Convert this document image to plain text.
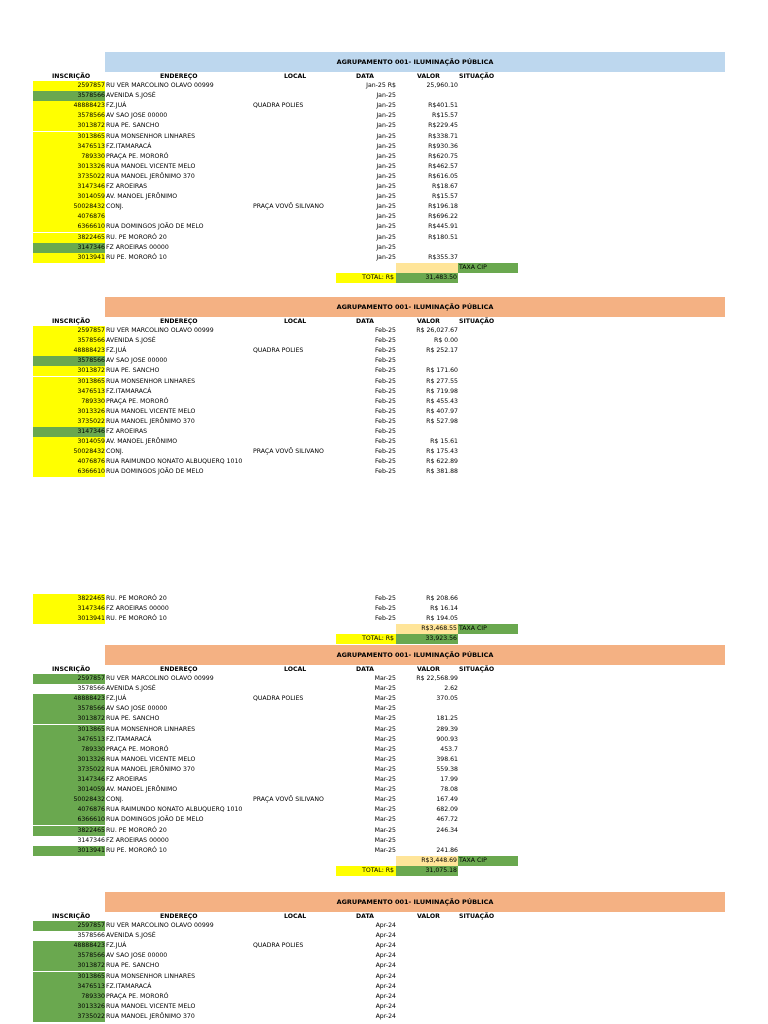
AGRUPAMENTO 001- ILUMINAÇÃO PÚBLICA
INSCRIÇÃO	ENDEREÇO	LOCAL	DATA	VALOR	SITUAÇÃO
2597857 RU VER MARCOLINO OLAVO 00999	Jan-25 R$	25,960.10
3578566 AVENIDA S.JOSÉ	Jan-25
48888423 FZ.JUÁ	QUADRA POLIES	Jan-25	R$401.51
3578566 AV SAO JOSE 00000	Jan-25	R$15.57
3013872 RUA PE. SANCHO	Jan-25	R$229.45
3013865 RUA MONSENHOR LINHARES	Jan-25	R$338.71
3476513 FZ.ITAMARACÁ	Jan-25	R$930.36
789330 PRAÇA PE. MORORÓ	Jan-25	R$620.75
3013326 RUA MANOEL VICENTE MELO	Jan-25	R$462.57
3735022 RUA MANOEL JERÔNIMO 370	Jan-25	R$616.05
3147346 FZ AROEIRAS	Jan-25	R$18.67
3014059 AV. MANOEL JERÔNIMO	Jan-25	R$15.57
50028432 CONJ.	PRAÇA VOVÔ SILIVANO	Jan-25	R$196.18
4076876	Jan-25	R$696.22
6366610 RUA DOMINGOS JOÃO DE MELO	Jan-25	R$445.91
3822465 RU. PE MORORÓ 20	Jan-25	R$180.51
3147346 FZ AROEIRAS 00000	Jan-25
3013941 RU PE. MORORÓ 10	Jan-25	R$355.37
TAXA CIP
TOTAL: R$	31,483.50
AGRUPAMENTO 001- ILUMINAÇÃO PÚBLICA
INSCRIÇÃO	ENDEREÇO	LOCAL	DATA	VALOR	SITUAÇÃO
2597857 RU VER MARCOLINO OLAVO 00999	Feb-25	R$ 26,027.67
3578566 AVENIDA S.JOSÉ	Feb-25	R$ 0.00
48888423 FZ.JUÁ	QUADRA POLIES	Feb-25	R$ 252.17
3578566 AV SAO JOSE 00000	Feb-25
3013872 RUA PE. SANCHO	Feb-25	R$ 171.60
3013865 RUA MONSENHOR LINHARES	Feb-25	R$ 277.55
3476513 FZ.ITAMARACÁ	Feb-25	R$ 719.98
789330 PRAÇA PE. MORORÓ	Feb-25	R$ 455.43
3013326 RUA MANOEL VICENTE MELO	Feb-25	R$ 407.97
3735022 RUA MANOEL JERÔNIMO 370	Feb-25	R$ 527.98
3147346 FZ AROEIRAS	Feb-25
3014059 AV. MANOEL JERÔNIMO	Feb-25	R$ 15.61
50028432 CONJ.	PRAÇA VOVÔ SILIVANO	Feb-25	R$ 175.43
4076876 RUA RAIMUNDO NONATO ALBUQUERQ 1010	Feb-25	R$ 622.89
6366610 RUA DOMINGOS JOÃO DE MELO	Feb-25	R$ 381.88
3822465 RU. PE MORORÓ 20	Feb-25	R$ 208.66
3147346 FZ AROEIRAS 00000	Feb-25	R$ 16.14
3013941 RU. PE MORORÓ 10	Feb-25	R$ 194.05
R$3,468.55 TAXA CIP
TOTAL: R$	33,923.56
AGRUPAMENTO 001- ILUMINAÇÃO PÚBLICA
INSCRIÇÃO	ENDEREÇO	LOCAL	DATA	VALOR	SITUAÇÃO
2597857 RU VER MARCOLINO OLAVO 00999	Mar-25	R$ 22,568.99
3578566 AVENIDA S.JOSÉ	Mar-25	2.62
48888423 FZ.JUÁ	QUADRA POLIES	Mar-25	370.05
3578566 AV SAO JOSE 00000	Mar-25
3013872 RUA PE. SANCHO	Mar-25	181.25
3013865 RUA MONSENHOR LINHARES	Mar-25	289.39
3476513 FZ.ITAMARACÁ	Mar-25	900.93
789330 PRAÇA PE. MORORÓ	Mar-25	453.7
3013326 RUA MANOEL VICENTE MELO	Mar-25	398.61
3735022 RUA MANOEL JERÔNIMO 370	Mar-25	559.38
3147346 FZ AROEIRAS	Mar-25	17.99
3014059 AV. MANOEL JERÔNIMO	Mar-25	78.08
50028432 CONJ.	PRAÇA VOVÔ SILIVANO	Mar-25	167.49
4076876 RUA RAIMUNDO NONATO ALBUQUERQ 1010	Mar-25	682.09
6366610 RUA DOMINGOS JOÃO DE MELO	Mar-25	467.72
3822465 RU. PE MORORÓ 20	Mar-25	246.34
3147346 FZ AROEIRAS 00000	Mar-25
3013941 RU PE. MORORÓ 10	Mar-25	241.86
R$3,448.69 TAXA CIP
TOTAL: R$	31,075.18
AGRUPAMENTO 001- ILUMINAÇÃO PÚBLICA
INSCRIÇÃO	ENDEREÇO	LOCAL	DATA	VALOR	SITUAÇÃO
2597857 RU VER MARCOLINO OLAVO 00999	Apr-24
3578566 AVENIDA S.JOSÉ	Apr-24
48888423 FZ.JUÁ	QUADRA POLIES	Apr-24
3578566 AV SAO JOSE 00000	Apr-24
3013872 RUA PE. SANCHO	Apr-24
3013865 RUA MONSENHOR LINHARES	Apr-24
3476513 FZ.ITAMARACÁ	Apr-24
789330 PRAÇA PE. MORORÓ	Apr-24
3013326 RUA MANOEL VICENTE MELO	Apr-24
3735022 RUA MANOEL JERÔNIMO 370	Apr-24
